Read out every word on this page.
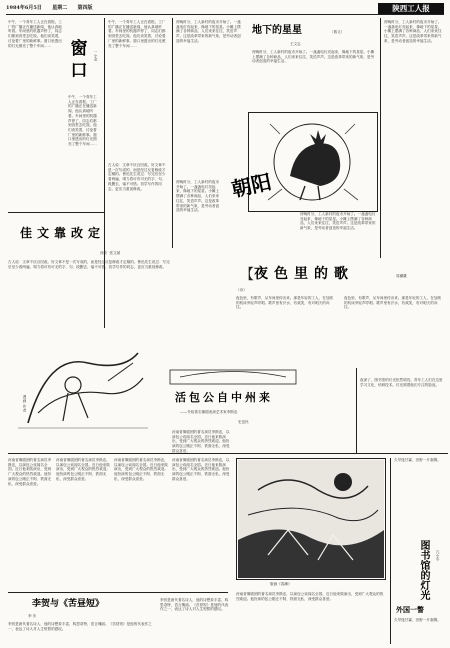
1984年6月5日 星期二 第四版	陕西工人报
中午，一个青年工人正在看报。工厂的广播正在播送新闻，他认真地听着。车间里的机器声停了，同志们都到食堂去吃饭。他们谈笑着，讨论着厂里的新鲜事。窗口里透出的灯光照亮了整个车间……	窗口
一小金
中午，一个青年工人正在看报。工厂的广播正在播送新闻，他认真地听着。车间里的机器声停了，同志们都到食堂去吃饭。他们谈笑着，讨论着厂里的新鲜事。窗口里透出的灯光照亮了整个车间……
中午，一个青年工人正在看报。工厂的广播正在播送新闻，他认真地听着。车间里的机器声停了，同志们都到食堂去吃饭。他们谈笑着，讨论着厂里的新鲜事。窗口里透出的灯光照亮了整个车间……
古人说：文章不厌百回改。好文章不是一次写成的，而是经过反复修改才定稿的。鲁迅先生说过：写完后至少看两遍，竭力将可有可无的字、句、段删去，毫不可惜。初学写作的同志，更应当重视修改。
佳文靠改定
西安  张文斌
古人说：文章不厌百回改。好文章不是一次写成的，而是经过反复修改才定稿的。鲁迅先生说过：写完后至少看两遍，竭力将可有可无的字、句、段删去，毫不可惜。初学写作的同志，更应当重视修改。
漫画  作者
傍晚时分，工人新村的夜市开始了。一盏盏电灯亮起来，像地下的星星。小摊上摆满了各种商品，人们来来往往，笑语声声。这是改革带来的新气象，是劳动者创造的幸福生活。
傍晚时分，工人新村的夜市开始了。一盏盏电灯亮起来，像地下的星星。小摊上摆满了各种商品，人们来来往往，笑语声声。这是改革带来的新气象，是劳动者创造的幸福生活。
朝阳
地下的星星	（散文）
王文志
傍晚时分，工人新村的夜市开始了。一盏盏电灯亮起来，像地下的星星。小摊上摆满了各种商品，人们来来往往，笑语声声。这是改革带来的新气象，是劳动者创造的幸福生活。
傍晚时分，工人新村的夜市开始了。一盏盏电灯亮起来，像地下的星星。小摊上摆满了各种商品，人们来来往往，笑语声声。这是改革带来的新气象，是劳动者创造的幸福生活。
傍晚时分，工人新村的夜市开始了。一盏盏电灯亮起来，像地下的星星。小摊上摆满了各种商品，人们来来往往，笑语声声。这是改革带来的新气象，是劳动者创造的幸福生活。
【 夜色里的歌	周碾畿
（诗）
夜色里，有歌声，从车间里传出来。那是年轻的工人，在加班的机床旁轻声哼唱。歌声里有汗水，有欢笑，有对明天的向往。
夜色里，有歌声，从车间里传出来。那是年轻的工人，在加班的机床旁轻声哼唱。歌声里有汗水，有欢笑，有对明天的向往。
活包公自中州来
——介绍著名豫剧表演艺术家李斯忠
史忠民
河南省豫剧团的著名演员李斯忠，以演包公戏闻名全国。近日他来陕演出，受到广大观众的热烈欢迎。他扮演的包公刚正不阿、铁面无私，深受群众喜爱。
图书馆的灯光	亢小冬
夜深了，图书馆的灯光依然明亮。青年工人们在这里学习文化，钻研技术。灯光照着他们专注的脸庞。
河南省豫剧团的著名演员李斯忠，以演包公戏闻名全国。近日他来陕演出，受到广大观众的热烈欢迎。他扮演的包公刚正不阿、铁面无私，深受群众喜爱。
河南省豫剧团的著名演员李斯忠，以演包公戏闻名全国。近日他来陕演出，受到广大观众的热烈欢迎。他扮演的包公刚正不阿、铁面无私，深受群众喜爱。
河南省豫剧团的著名演员李斯忠，以演包公戏闻名全国。近日他来陕演出，受到广大观众的热烈欢迎。他扮演的包公刚正不阿、铁面无私，深受群众喜爱。
河南省豫剧团的著名演员李斯忠，以演包公戏闻名全国。近日他来陕演出，受到广大观众的热烈欢迎。他扮演的包公刚正不阿、铁面无私，深受群众喜爱。
李贺与《苦昼短》
李 东
李贺是唐代著名诗人，他的诗想象丰富，构思奇特，语言瑰丽。《苦昼短》是他的代表作之一，表达了诗人对人生短暂的感叹。
李贺是唐代著名诗人，他的诗想象丰富，构思奇特，语言瑰丽。《苦昼短》是他的代表作之一，表达了诗人对人生短暂的感叹。
版画《春潮》
河南省豫剧团的著名演员李斯忠，以演包公戏闻名全国。近日他来陕演出，受到广大观众的热烈欢迎。他扮演的包公刚正不阿、铁面无私，深受群众喜爱。
久旱逢甘霖，田野一片欢腾。
外国一瞥
久旱逢甘霖，田野一片欢腾。
